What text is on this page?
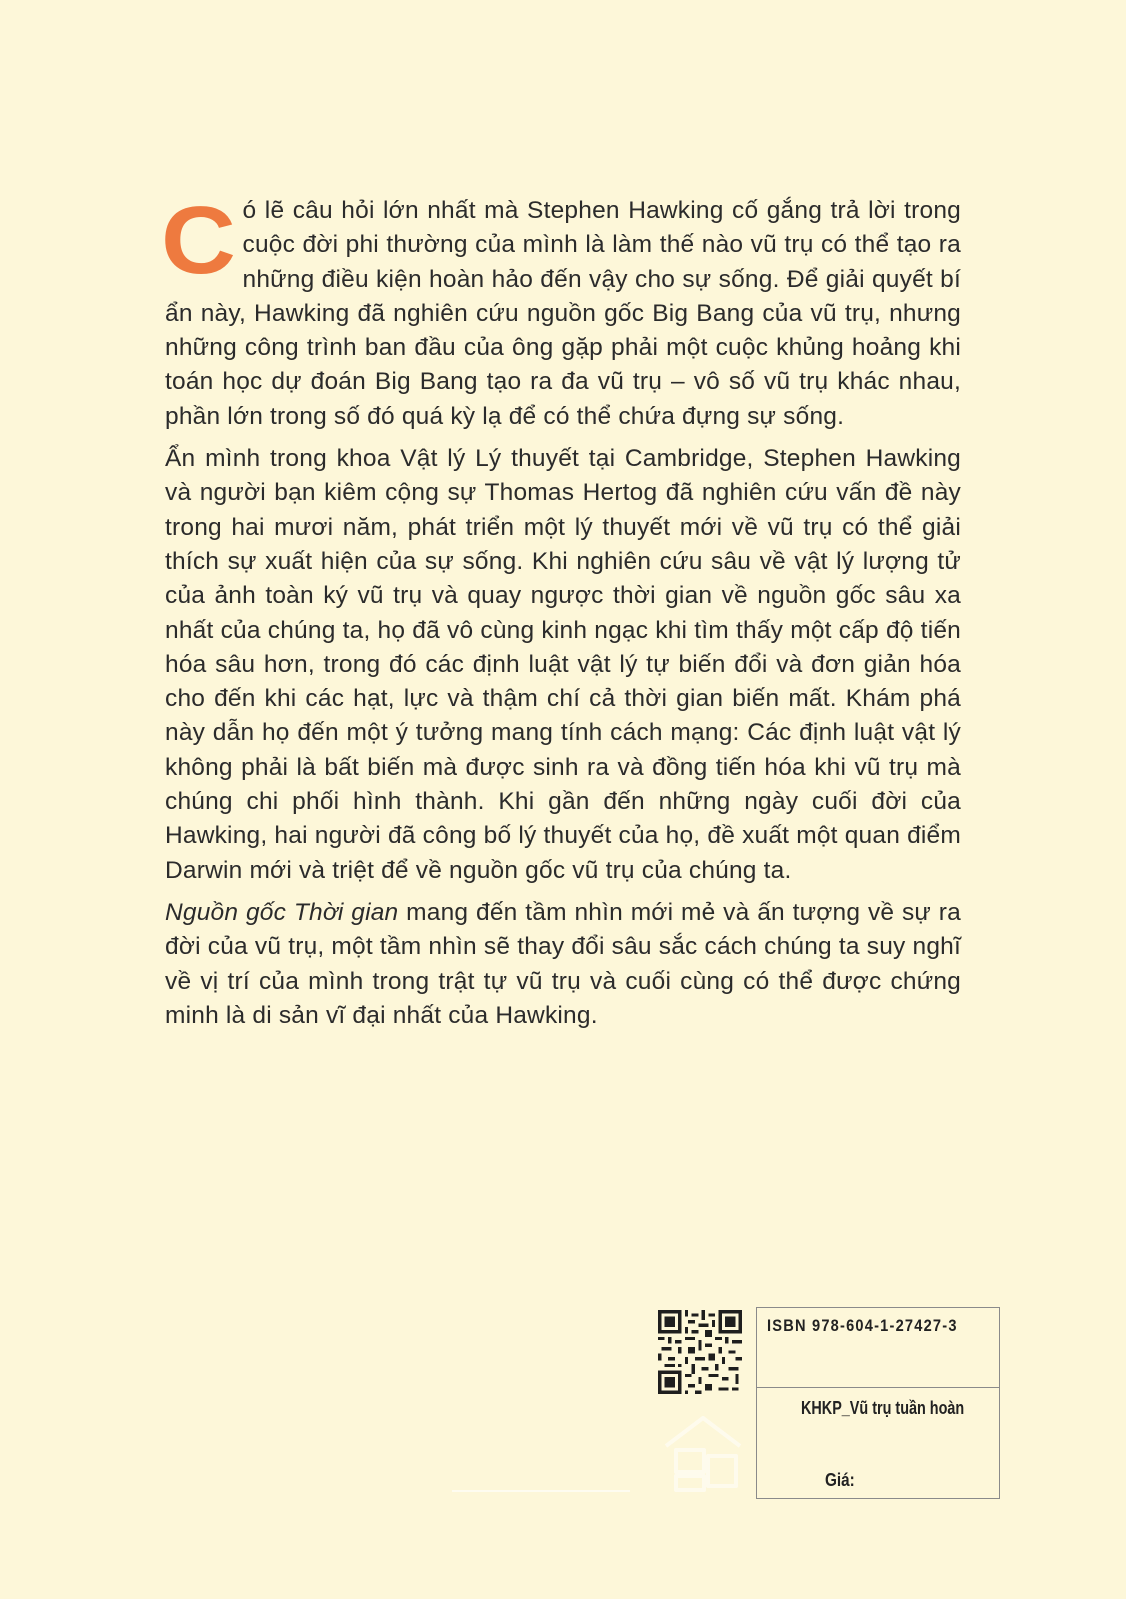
Có lẽ câu hỏi lớn nhất mà Stephen Hawking cố gắng trả lời trong cuộc đời phi thường của mình là làm thế nào vũ trụ có thể tạo ra những điều kiện hoàn hảo đến vậy cho sự sống. Để giải quyết bí ẩn này, Hawking đã nghiên cứu nguồn gốc Big Bang của vũ trụ, nhưng những công trình ban đầu của ông gặp phải một cuộc khủng hoảng khi toán học dự đoán Big Bang tạo ra đa vũ trụ – vô số vũ trụ khác nhau, phần lớn trong số đó quá kỳ lạ để có thể chứa đựng sự sống.

Ẩn mình trong khoa Vật lý Lý thuyết tại Cambridge, Stephen Hawking và người bạn kiêm cộng sự Thomas Hertog đã nghiên cứu vấn đề này trong hai mươi năm, phát triển một lý thuyết mới về vũ trụ có thể giải thích sự xuất hiện của sự sống. Khi nghiên cứu sâu về vật lý lượng tử của ảnh toàn ký vũ trụ và quay ngược thời gian về nguồn gốc sâu xa nhất của chúng ta, họ đã vô cùng kinh ngạc khi tìm thấy một cấp độ tiến hóa sâu hơn, trong đó các định luật vật lý tự biến đổi và đơn giản hóa cho đến khi các hạt, lực và thậm chí cả thời gian biến mất. Khám phá này dẫn họ đến một ý tưởng mang tính cách mạng: Các định luật vật lý không phải là bất biến mà được sinh ra và đồng tiến hóa khi vũ trụ mà chúng chi phối hình thành. Khi gần đến những ngày cuối đời của Hawking, hai người đã công bố lý thuyết của họ, đề xuất một quan điểm Darwin mới và triệt để về nguồn gốc vũ trụ của chúng ta.

Nguồn gốc Thời gian mang đến tầm nhìn mới mẻ và ấn tượng về sự ra đời của vũ trụ, một tầm nhìn sẽ thay đổi sâu sắc cách chúng ta suy nghĩ về vị trí của mình trong trật tự vũ trụ và cuối cùng có thể được chứng minh là di sản vĩ đại nhất của Hawking.

ISBN 978-604-1-27427-3
KHKP_Vũ trụ tuần hoàn
Giá:
